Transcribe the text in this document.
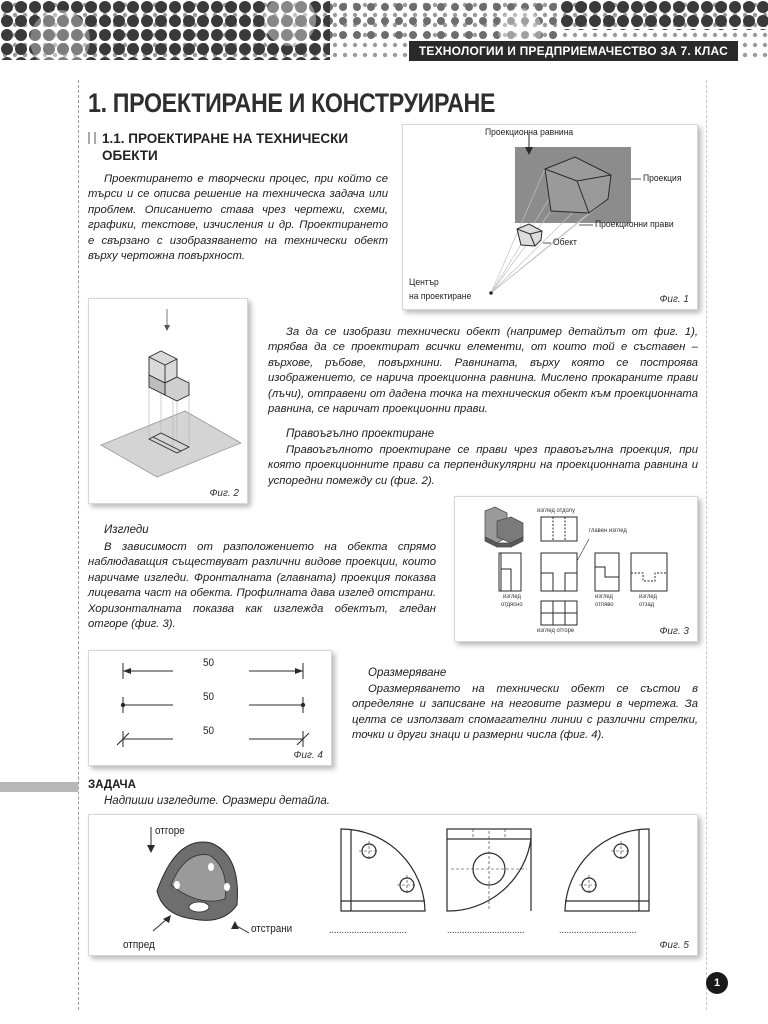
ТЕХНОЛОГИИ И ПРЕДПРИЕМАЧЕСТВО ЗА 7. КЛАС
1. ПРОЕКТИРАНЕ И КОНСТРУИРАНЕ
1.1. ПРОЕКТИРАНЕ НА ТЕХНИЧЕСКИ
ОБЕКТИ
Проектирането е творчески процес, при който се търси и се описва решение на техническа задача или проблем. Описанието става чрез чертежи, схеми, графики, текстове, изчисления и др. Проектирането е свързано с изобразяването на технически обект върху чертожна повърхност.
Проекционна равнина
Проекция
Проекционни прави
Обект
Център
на проектиране	Фиг. 1
Фиг. 2
За да се изобрази технически обект (например детайлът от фиг. 1), трябва да се проектират всички елементи, от които той е съставен – върхове, ръбове, повърхнини. Равнината, върху която се построява изображението, се нарича проекционна равнина. Мислено прокараните прави (лъчи), отправени от дадена точка на техническия обект към проекционната равнина, се наричат проекционни прави.
Правоъгълно проектиране
Правоъгълното проектиране се прави чрез правоъгълна проекция, при която проекционните прави са перпендикулярни на проекционната равнина и успоредни помежду си (фиг. 2).
Изгледи
В зависимост от разположението на обекта спрямо наблюдаващия съществуват различни видове проекции, които наричаме изгледи. Фронталната (главната) проекция показва лицевата част на обекта. Профилната дава изглед отстрани. Хоризонталната показва как изглежда обектът, гледан отгоре (фиг. 3).
изглед отдолу
главен изглед
изглед
отдясно
изглед
отляво
изглед
отзад
изглед отгоре	Фиг. 3
50
50
50
Фиг. 4
Оразмеряване
Оразмеряването на технически обект се състои в определяне и записване на неговите размери в чертежа. За целта се използват спомагателни линии с различни стрелки, точки и други знаци и размерни числа (фиг. 4).
ЗАДАЧА
Надпиши изгледите. Оразмери детайла.
отгоре
отпред
отстрани	...............................	...............................	...............................
Фиг. 5
1
